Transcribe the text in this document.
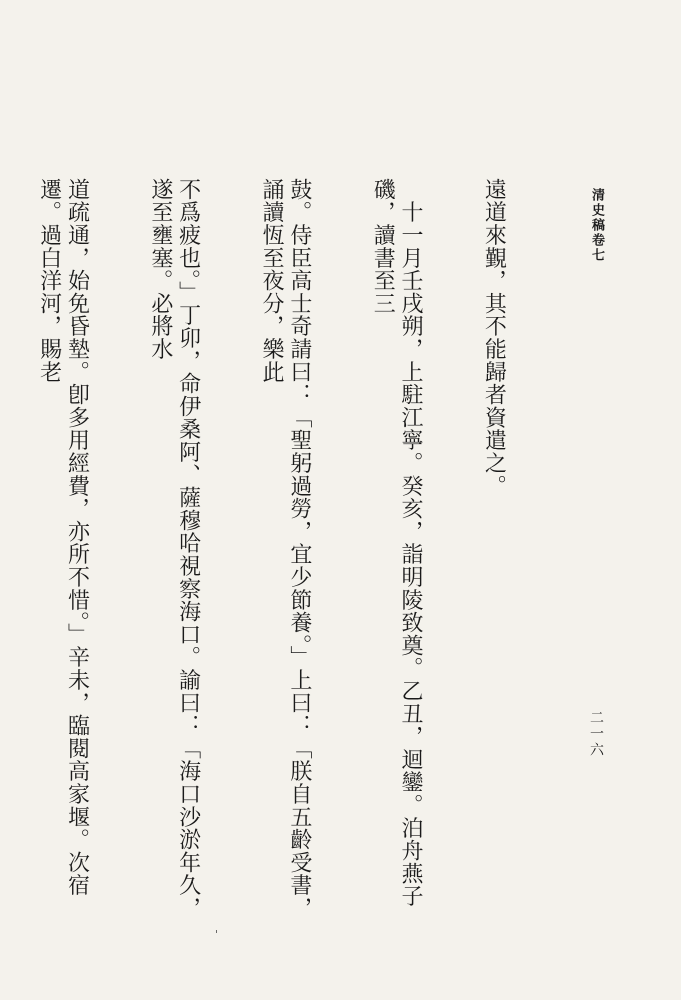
清史稿卷七
二一六

遠道來覲，其不能歸者資遣之。

　十一月壬戌朔，上駐江寧。癸亥，詣明陵致奠。乙丑，迴鑾。泊舟燕子磯，讀書至三

鼓。侍臣高士奇請曰：「聖躬過勞，宜少節養。」上曰：「朕自五齡受書，誦讀恆至夜分，樂此

不爲疲也。」丁卯，命伊桑阿、薩穆哈視察海口。諭曰：「海口沙淤年久，遂至壅塞。必將水

道疏通，始免昏墊。卽多用經費，亦所不惜。」辛未，臨閱高家堰。次宿遷。過白洋河，賜老

'
